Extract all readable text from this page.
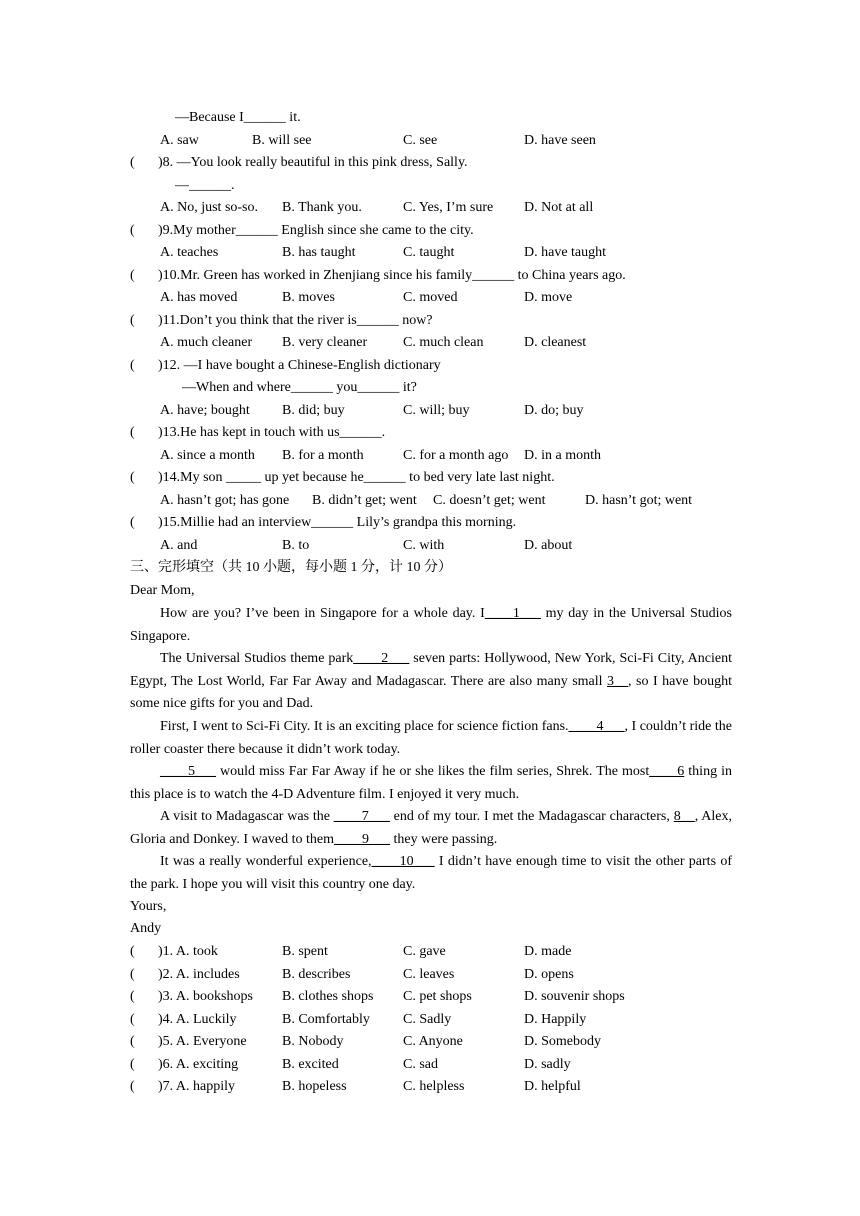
—Because I______ it.
A. saw	B. will see	C. see	D. have seen
( )8. —You look really beautiful in this pink dress, Sally.
—______.
A. No, just so-so. B. Thank you.	C. Yes, I’m sure D. Not at all
( )9.My mother______ English since she came to the city.
A. teaches	B. has taught	C. taught	D. have taught
( )10.Mr. Green has worked in Zhenjiang since his family______ to China years ago.
A. has moved	B. moves	C. moved	D. move
( )11.Don’t you think that the river is______ now?
A. much cleaner B. very cleaner	C. much clean	D. cleanest
( )12. —I have bought a Chinese-English dictionary
—When and where______ you______ it?
A. have; bought B. did; buy	C. will; buy	D. do; buy
( )13.He has kept in touch with us______.
A. since a month B. for a month	C. for a month ago D. in a month
( )14.My son _____ up yet because he______ to bed very late last night.
A. hasn’t got; has gone B. didn’t get; went C. doesn’t get; went	D. hasn’t got; went
( )15.Millie had an interview______ Lily’s grandpa this morning.
A. and	B. to	C. with	D. about
三、完形填空（共 10 小题，每小题 1 分，计 10 分）
Dear Mom,
How are you? I’ve been in Singapore for a whole day. I____1___ my day in the Universal Studios Singapore.
The Universal Studios theme park____2___ seven parts: Hollywood, New York, Sci-Fi City, Ancient Egypt, The Lost World, Far Far Away and Madagascar. There are also many small 3__, so I have bought some nice gifts for you and Dad.
First, I went to Sci-Fi City. It is an exciting place for science fiction fans.____4___, I couldn’t ride the roller coaster there because it didn’t work today.
____5___ would miss Far Far Away if he or she likes the film series, Shrek. The most____6 thing in this place is to watch the 4-D Adventure film. I enjoyed it very much.
A visit to Madagascar was the ____7___ end of my tour. I met the Madagascar characters, 8__, Alex, Gloria and Donkey. I waved to them____9___ they were passing.
It was a really wonderful experience,____10___ I didn’t have enough time to visit the other parts of the park. I hope you will visit this country one day.
Yours,
Andy
( )1. A. took	B. spent	C. gave	D. made
( )2. A. includes	B. describes	C. leaves	D. opens
( )3. A. bookshops B. clothes shops C. pet shops	D. souvenir shops
( )4. A. Luckily	B. Comfortably C. Sadly	D. Happily
( )5. A. Everyone	B. Nobody	C. Anyone	D. Somebody
( )6. A. exciting	B. excited	C. sad	D. sadly
( )7. A. happily	B. hopeless	C. helpless	D. helpful
